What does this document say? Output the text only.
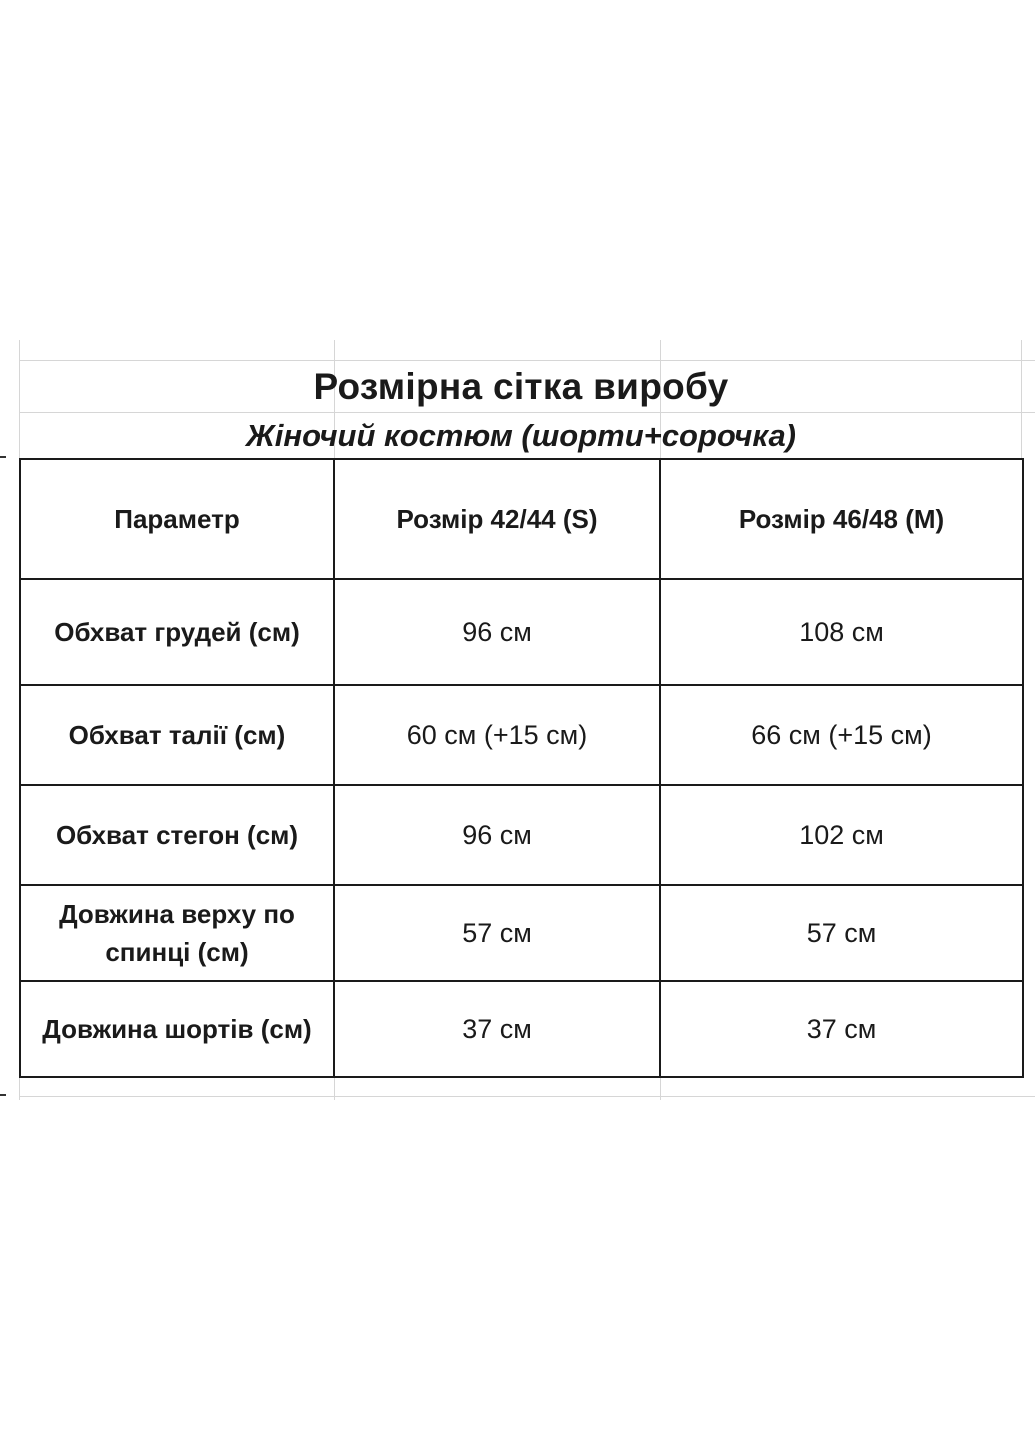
Розмірна сітка виробу
Жіночий костюм (шорти+сорочка)
Параметр	Розмір 42/44 (S)	Розмір 46/48 (M)
Обхват грудей (см)	96 см	108 см
Обхват талії (см)	60 см (+15 см)	66 см (+15 см)
Обхват стегон (см)	96 см	102 см
Довжина верху по спинці (см)	57 см	57 см
Довжина шортів (см)	37 см	37 см
